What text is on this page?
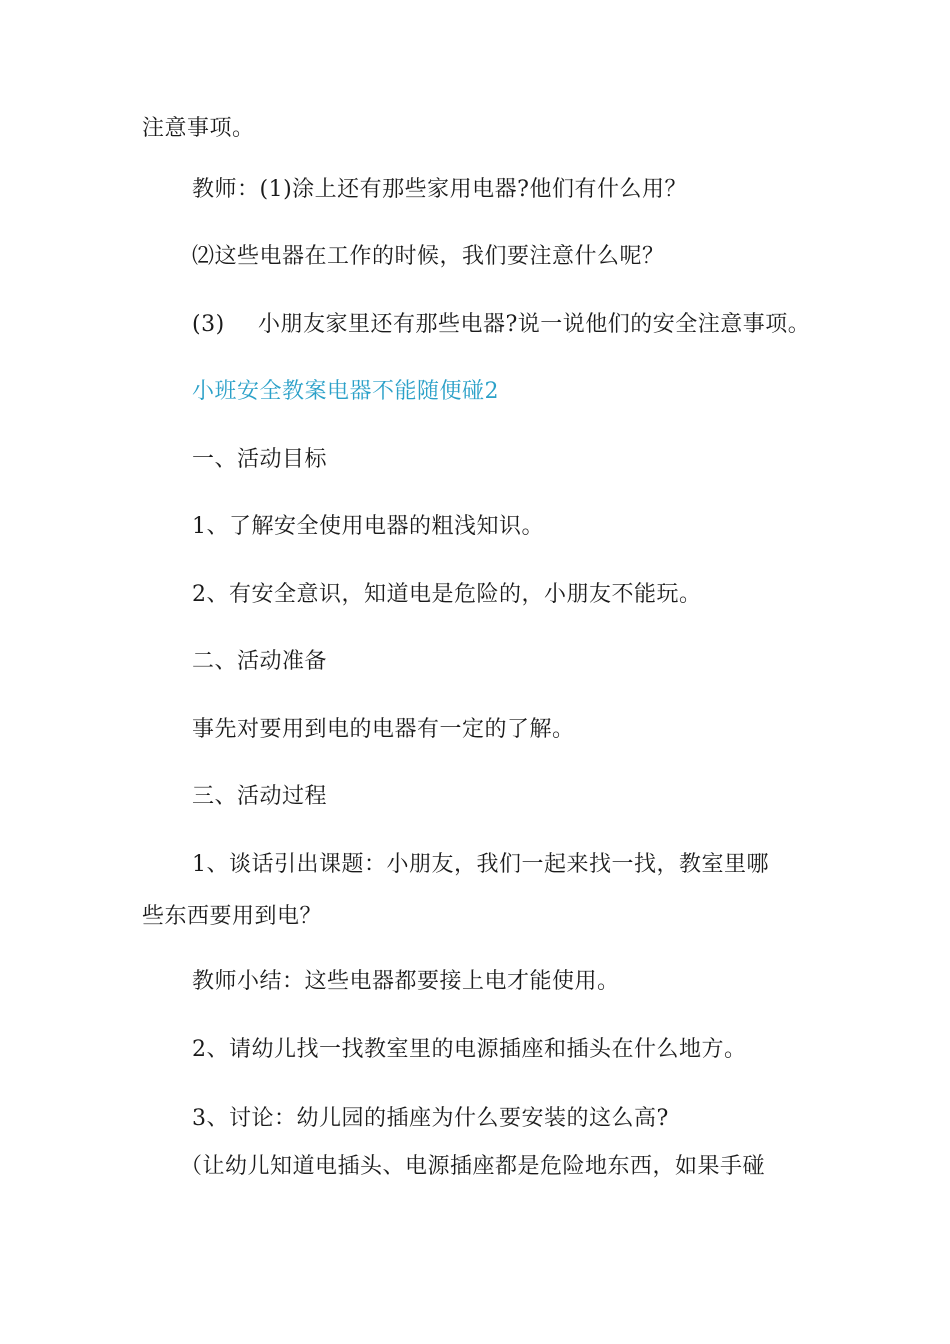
注意事项。
教师：(1)涂上还有那些家用电器?他们有什么用？
⑵这些电器在工作的时候，我们要注意什么呢？
(3) 小朋友家里还有那些电器?说一说他们的安全注意事项。
小班安全教案电器不能随便碰2
一、活动目标
1、了解安全使用电器的粗浅知识。
2、有安全意识，知道电是危险的，小朋友不能玩。
二、活动准备
事先对要用到电的电器有一定的了解。
三、活动过程
1、谈话引出课题：小朋友，我们一起来找一找，教室里哪
些东西要用到电？
教师小结：这些电器都要接上电才能使用。
2、请幼儿找一找教室里的电源插座和插头在什么地方。
3、讨论：幼儿园的插座为什么要安装的这么高?
（让幼儿知道电插头、电源插座都是危险地东西，如果手碰
